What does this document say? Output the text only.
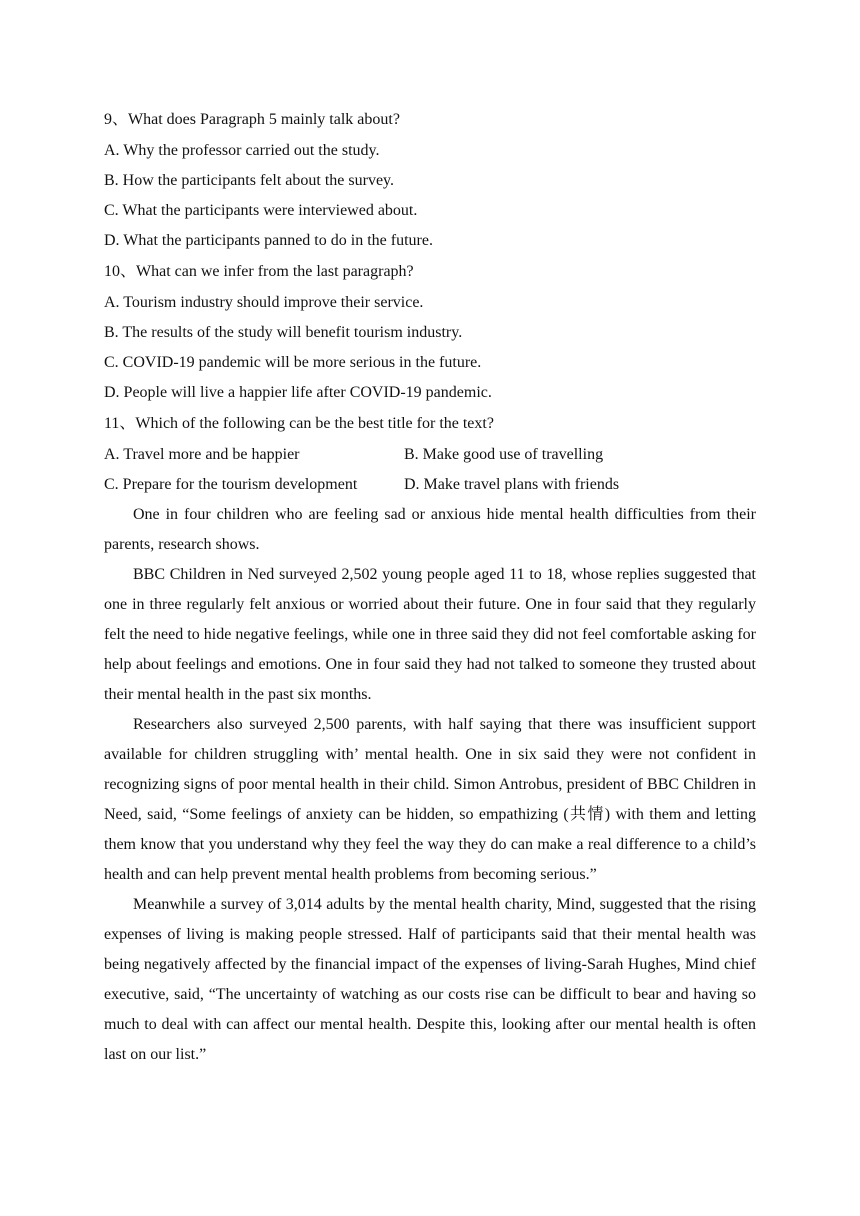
9、What does Paragraph 5 mainly talk about?
A. Why the professor carried out the study.
B. How the participants felt about the survey.
C. What the participants were interviewed about.
D. What the participants panned to do in the future.
10、What can we infer from the last paragraph?
A. Tourism industry should improve their service.
B. The results of the study will benefit tourism industry.
C. COVID-19 pandemic will be more serious in the future.
D. People will live a happier life after COVID-19 pandemic.
11、Which of the following can be the best title for the text?
A. Travel more and be happier	B. Make good use of travelling
C. Prepare for the tourism development	D. Make travel plans with friends

One in four children who are feeling sad or anxious hide mental health difficulties from their parents, research shows.

BBC Children in Ned surveyed 2,502 young people aged 11 to 18, whose replies suggested that one in three regularly felt anxious or worried about their future. One in four said that they regularly felt the need to hide negative feelings, while one in three said they did not feel comfortable asking for help about feelings and emotions. One in four said they had not talked to someone they trusted about their mental health in the past six months.

Researchers also surveyed 2,500 parents, with half saying that there was insufficient support available for children struggling with’ mental health. One in six said they were not confident in recognizing signs of poor mental health in their child. Simon Antrobus, president of BBC Children in Need, said, “Some feelings of anxiety can be hidden, so empathizing (共情) with them and letting them know that you understand why they feel the way they do can make a real difference to a child’s health and can help prevent mental health problems from becoming serious.”

Meanwhile a survey of 3,014 adults by the mental health charity, Mind, suggested that the rising expenses of living is making people stressed. Half of participants said that their mental health was being negatively affected by the financial impact of the expenses of living-Sarah Hughes, Mind chief executive, said, “The uncertainty of watching as our costs rise can be difficult to bear and having so much to deal with can affect our mental health. Despite this, looking after our mental health is often last on our list.”
